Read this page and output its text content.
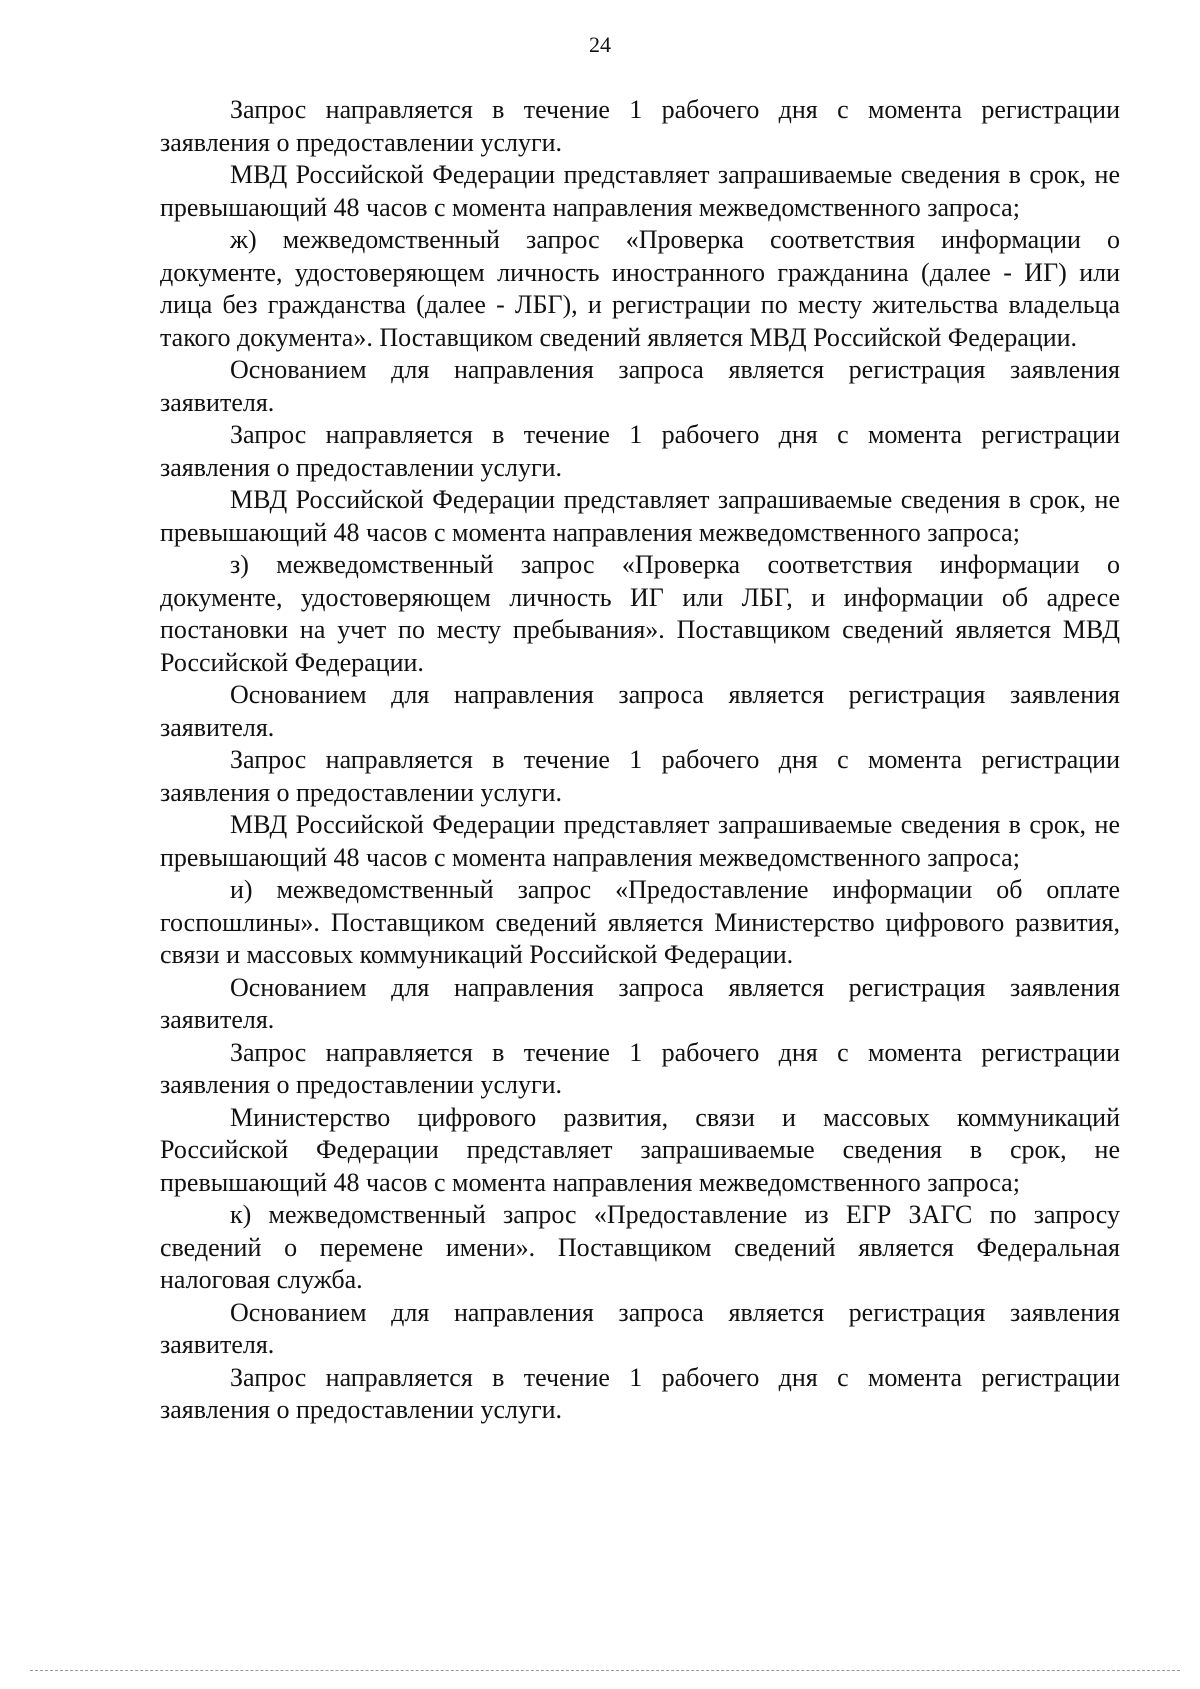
24

Запрос направляется в течение 1 рабочего дня с момента регистрации заявления о предоставлении услуги.

МВД Российской Федерации представляет запрашиваемые сведения в срок, не превышающий 48 часов с момента направления межведомственного запроса;

ж) межведомственный запрос «Проверка соответствия информации о документе, удостоверяющем личность иностранного гражданина (далее - ИГ) или лица без гражданства (далее - ЛБГ), и регистрации по месту жительства владельца такого документа». Поставщиком сведений является МВД Российской Федерации.

Основанием для направления запроса является регистрация заявления заявителя.

Запрос направляется в течение 1 рабочего дня с момента регистрации заявления о предоставлении услуги.

МВД Российской Федерации представляет запрашиваемые сведения в срок, не превышающий 48 часов с момента направления межведомственного запроса;

з) межведомственный запрос «Проверка соответствия информации о документе, удостоверяющем личность ИГ или ЛБГ, и информации об адресе постановки на учет по месту пребывания». Поставщиком сведений является МВД Российской Федерации.

Основанием для направления запроса является регистрация заявления заявителя.

Запрос направляется в течение 1 рабочего дня с момента регистрации заявления о предоставлении услуги.

МВД Российской Федерации представляет запрашиваемые сведения в срок, не превышающий 48 часов с момента направления межведомственного запроса;

и) межведомственный запрос «Предоставление информации об оплате госпошлины». Поставщиком сведений является Министерство цифрового развития, связи и массовых коммуникаций Российской Федерации.

Основанием для направления запроса является регистрация заявления заявителя.

Запрос направляется в течение 1 рабочего дня с момента регистрации заявления о предоставлении услуги.

Министерство цифрового развития, связи и массовых коммуникаций Российской Федерации представляет запрашиваемые сведения в срок, не превышающий 48 часов с момента направления межведомственного запроса;

к) межведомственный запрос «Предоставление из ЕГР ЗАГС по запросу сведений о перемене имени». Поставщиком сведений является Федеральная налоговая служба.

Основанием для направления запроса является регистрация заявления заявителя.

Запрос направляется в течение 1 рабочего дня с момента регистрации заявления о предоставлении услуги.
